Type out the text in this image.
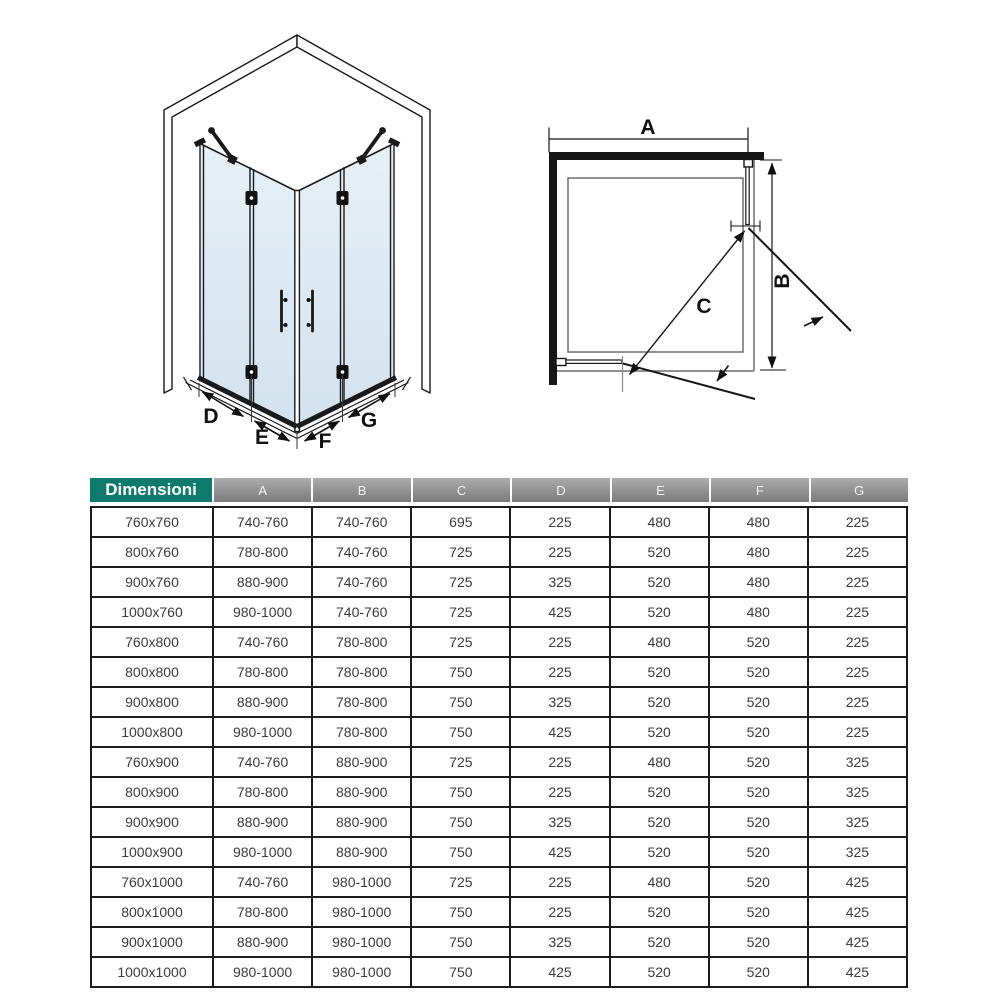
D
E F
G
A
B
C
Dimensioni	A	B	C	D	E	F	G
760x760	740-760	740-760	695	225	480	480	225
800x760	780-800	740-760	725	225	520	480	225
900x760	880-900	740-760	725	325	520	480	225
1000x760	980-1000	740-760	725	425	520	480	225
760x800	740-760	780-800	725	225	480	520	225
800x800	780-800	780-800	750	225	520	520	225
900x800	880-900	780-800	750	325	520	520	225
1000x800	980-1000	780-800	750	425	520	520	225
760x900	740-760	880-900	725	225	480	520	325
800x900	780-800	880-900	750	225	520	520	325
900x900	880-900	880-900	750	325	520	520	325
1000x900	980-1000	880-900	750	425	520	520	325
760x1000	740-760	980-1000	725	225	480	520	425
800x1000	780-800	980-1000	750	225	520	520	425
900x1000	880-900	980-1000	750	325	520	520	425
1000x1000	980-1000	980-1000	750	425	520	520	425
